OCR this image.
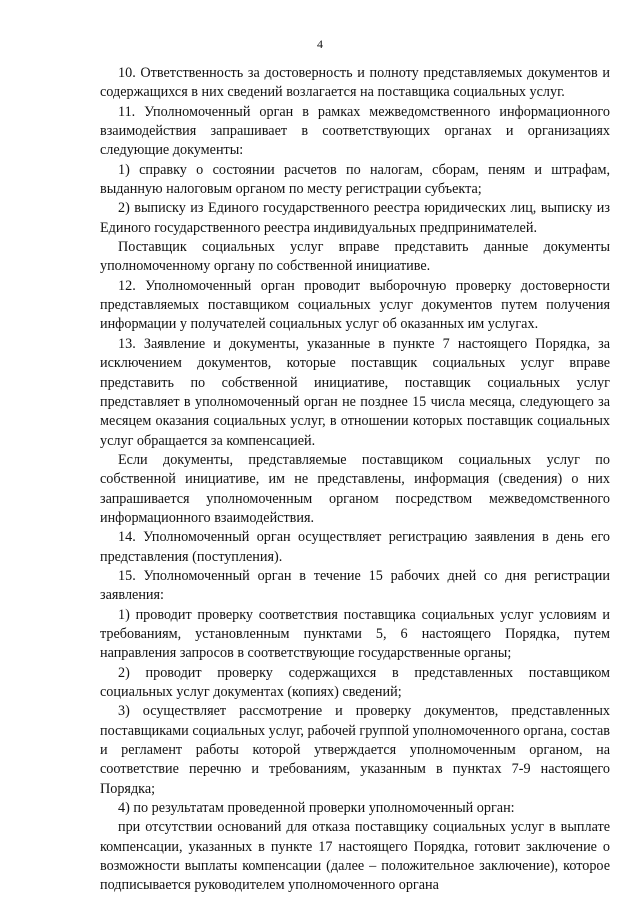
4

10. Ответственность за достоверность и полноту представляемых документов и содержащихся в них сведений возлагается на поставщика социальных услуг.

11. Уполномоченный орган в рамках межведомственного информационного взаимодействия запрашивает в соответствующих органах и организациях следующие документы:

1) справку о состоянии расчетов по налогам, сборам, пеням и штрафам, выданную налоговым органом по месту регистрации субъекта;

2) выписку из Единого государственного реестра юридических лиц, выписку из Единого государственного реестра индивидуальных предпринимателей.

Поставщик социальных услуг вправе представить данные документы уполномоченному органу по собственной инициативе.

12. Уполномоченный орган проводит выборочную проверку достоверности представляемых поставщиком социальных услуг документов путем получения информации у получателей социальных услуг об оказанных им услугах.

13. Заявление и документы, указанные в пункте 7 настоящего Порядка, за исключением документов, которые поставщик социальных услуг вправе представить по собственной инициативе, поставщик социальных услуг представляет в уполномоченный орган не позднее 15 числа месяца, следующего за месяцем оказания социальных услуг, в отношении которых поставщик социальных услуг обращается за компенсацией.

Если документы, представляемые поставщиком социальных услуг по собственной инициативе, им не представлены, информация (сведения) о них запрашивается уполномоченным органом посредством межведомственного информационного взаимодействия.

14. Уполномоченный орган осуществляет регистрацию заявления в день его представления (поступления).

15. Уполномоченный орган в течение 15 рабочих дней со дня регистрации заявления:

1) проводит проверку соответствия поставщика социальных услуг условиям и требованиям, установленным пунктами 5, 6 настоящего Порядка, путем направления запросов в соответствующие государственные органы;

2) проводит проверку содержащихся в представленных поставщиком социальных услуг документах (копиях) сведений;

3) осуществляет рассмотрение и проверку документов, представленных поставщиками социальных услуг, рабочей группой уполномоченного органа, состав и регламент работы которой утверждается уполномоченным органом, на соответствие перечню и требованиям, указанным в пунктах 7-9 настоящего Порядка;

4) по результатам проведенной проверки уполномоченный орган:

при отсутствии оснований для отказа поставщику социальных услуг в выплате компенсации, указанных в пункте 17 настоящего Порядка, готовит заключение о возможности выплаты компенсации (далее – положительное заключение), которое подписывается руководителем уполномоченного органа
